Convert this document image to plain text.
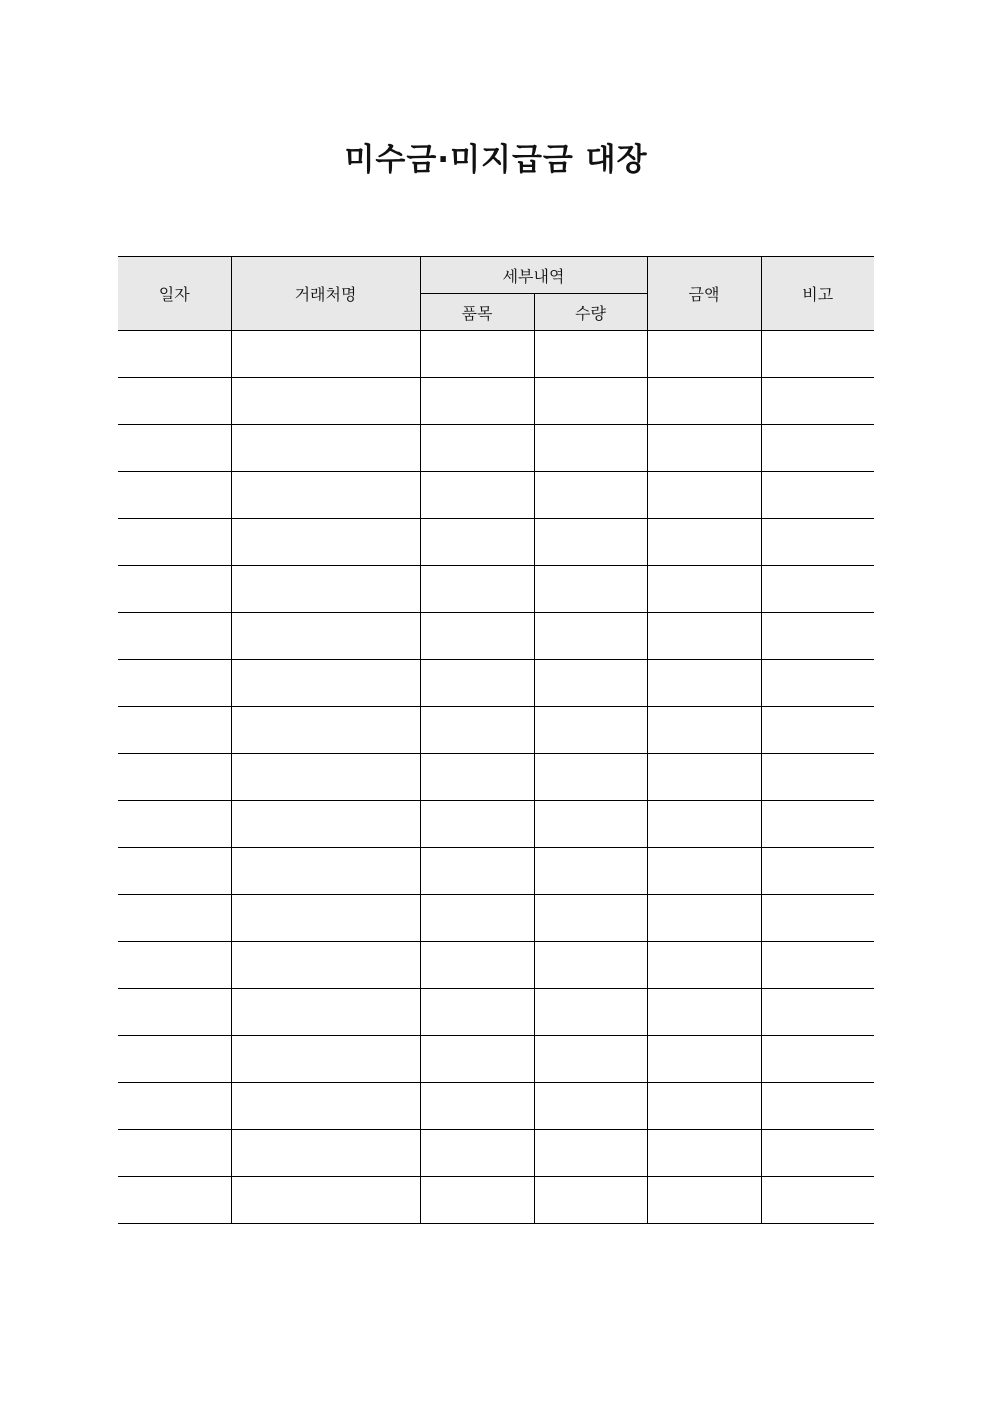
미수금·미지급금 대장
일자	거래처명	세부내역		금액	비고
		품목	수량		
